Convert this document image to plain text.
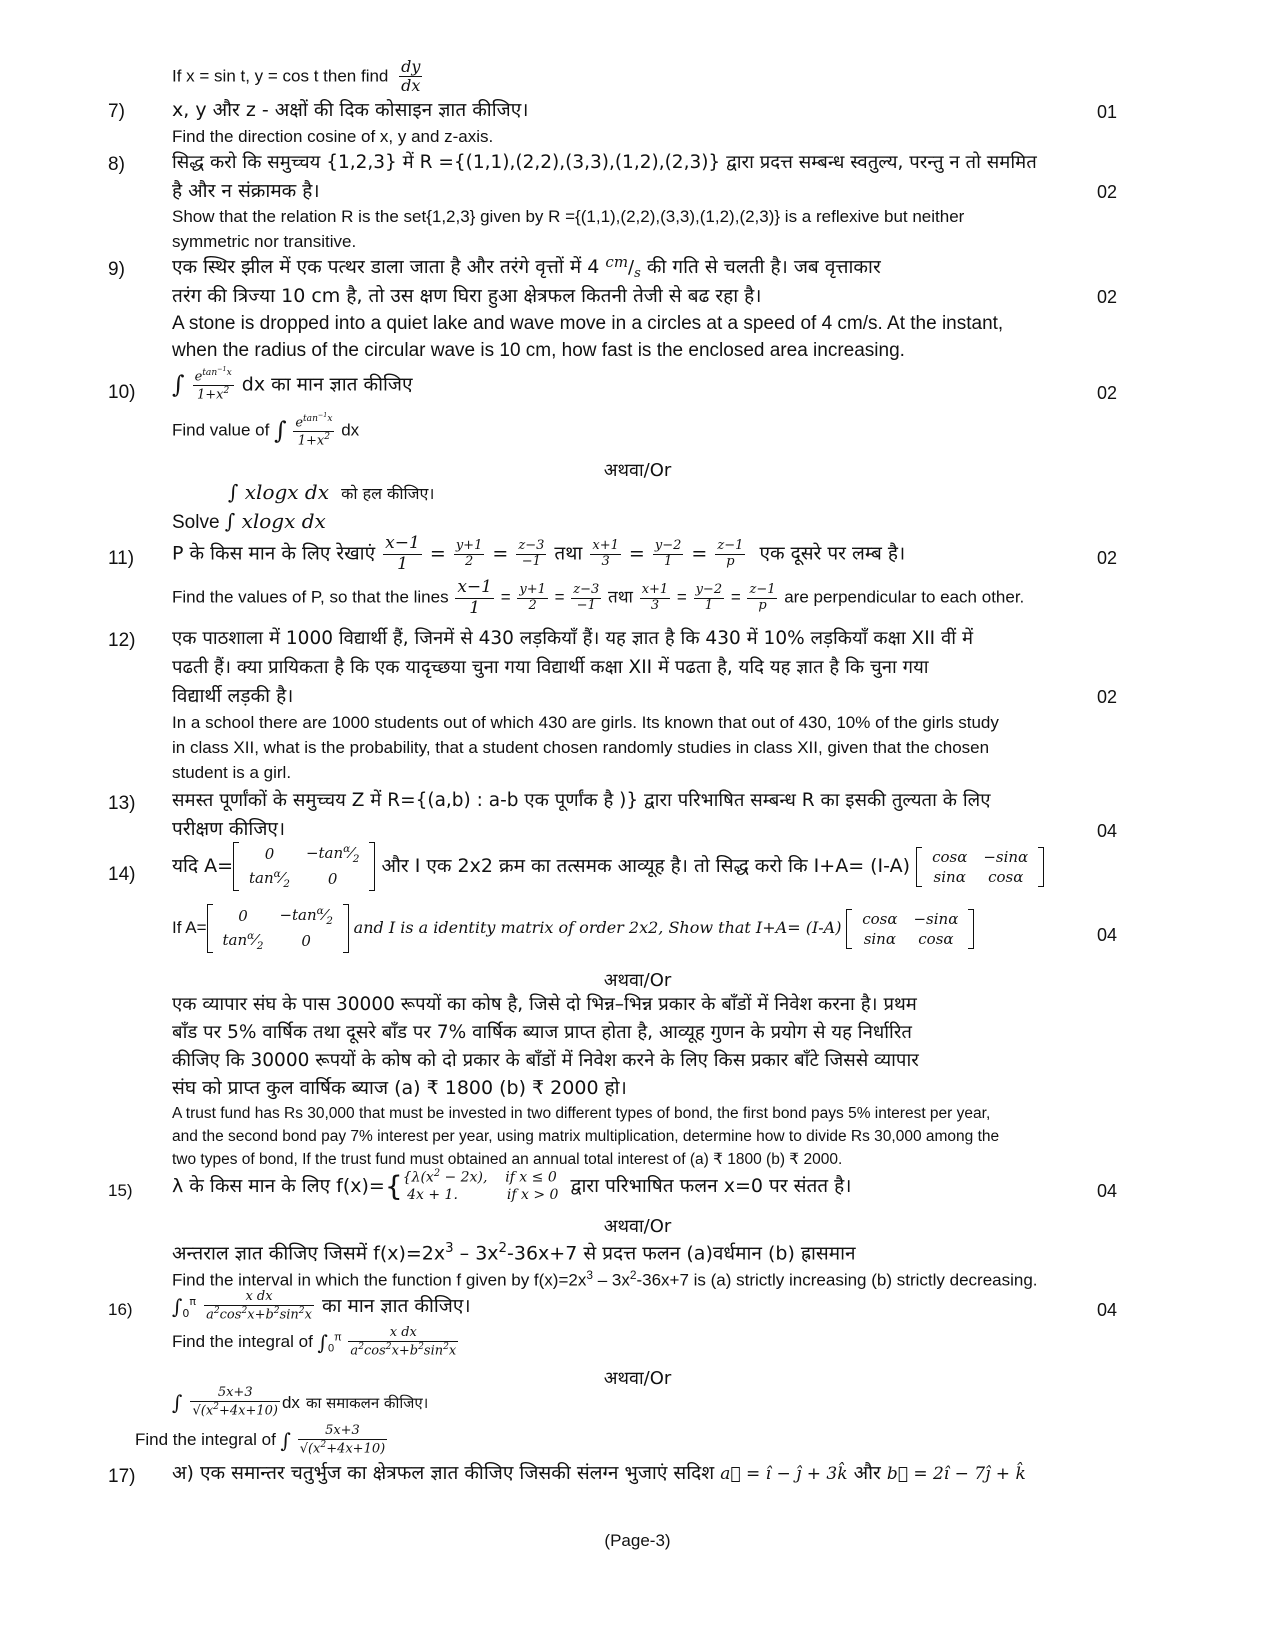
If x = sin t, y = cos t then find $\frac{dy}{dx}$
7) x, y और z - अक्षों की दिक कोसाइन ज्ञात कीजिए।	01
Find the direction cosine of x, y and z-axis.
8)	सिद्ध करो कि समुच्चय {1,2,3} में R ={(1,1),(2,2),(3,3),(1,2),(2,3)} द्वारा प्रदत्त सम्बन्ध स्वतुल्य, परन्तु न तो सममित
है और न संक्रामक है।	02
Show that the relation R is the set{1,2,3} given by R ={(1,1),(2,2),(3,3),(1,2),(2,3)} is a reflexive but neither
symmetric nor transitive.
9) एक स्थिर झील में एक पत्थर डाला जाता है और तरंगे वृत्तों में 4 $^{cm}/_s$ की गति से चलती है। जब वृत्ताकार
तरंग की त्रिज्या 10 cm है, तो उस क्षण घिरा हुआ क्षेत्रफल कितनी तेजी से बढ रहा है।	02
A stone is dropped into a quiet lake and wave move in a circles at a speed of 4 cm/s. At the instant,
when the radius of the circular wave is 10 cm, how fast is the enclosed area increasing.
10) ∫ $\frac{e^{tan^{-1}x}}{1+x^2}$ dx का मान ज्ञात कीजिए	02
Find value of ∫ $\frac{e^{tan^{-1}x}}{1+x^2}$ dx
अथवा/Or
∫ xlogx dx को हल कीजिए।
Solve ∫ xlogx dx
11) P के किस मान के लिए रेखाएं $\frac{x-1}{1} = \frac{y+1}{2} = \frac{z-3}{-1}$ तथा $\frac{x+1}{3} = \frac{y-2}{1} = \frac{z-1}{p}$ एक दूसरे पर लम्ब है।	02
Find the values of P, so that the lines $\frac{x-1}{1} = \frac{y+1}{2} = \frac{z-3}{-1}$ तथा $\frac{x+1}{3} = \frac{y-2}{1} = \frac{z-1}{p}$ are perpendicular to each other.
12) एक पाठशाला में 1000 विद्यार्थी हैं, जिनमें से 430 लड़कियाँ हैं। यह ज्ञात है कि 430 में 10% लड़कियाँ कक्षा XII वीं में
पढती हैं। क्या प्रायिकता है कि एक यादृच्छया चुना गया विद्यार्थी कक्षा XII में पढता है, यदि यह ज्ञात है कि चुना गया
विद्यार्थी लड़की है।	02
In a school there are 1000 students out of which 430 are girls. Its known that out of 430, 10% of the girls study
in class XII, what is the probability, that a student chosen randomly studies in class XII, given that the chosen
student is a girl.
13) समस्त पूर्णांकों के समुच्चय Z में R={(a,b) : a-b एक पूर्णांक है )} द्वारा परिभाषित सम्बन्ध R का इसकी तुल्यता के लिए
परीक्षण कीजिए।	04
14) यदि A=
0	$-\tan^\alpha⁄_2$
$\tan^\alpha⁄_2$	0
और I एक 2x2 क्रम का तत्समक आव्यूह है। तो सिद्ध करो कि I+A= (I-A) cosα	−sinα
sinα	cosα
If A=
0	$-\tan^\alpha⁄_2$
$\tan^\alpha⁄_2$	0
and I is a identity matrix of order 2x2, Show that I+A= (I-A) cosα	−sinα
sinα	cosα	04
अथवा/Or
एक व्यापार संघ के पास 30000 रूपयों का कोष है, जिसे दो भिन्न–भिन्न प्रकार के बाँडों में निवेश करना है। प्रथम
बाँड पर 5% वार्षिक तथा दूसरे बाँड पर 7% वार्षिक ब्याज प्राप्त होता है, आव्यूह गुणन के प्रयोग से यह निर्धारित
कीजिए कि 30000 रूपयों के कोष को दो प्रकार के बाँडों में निवेश करने के लिए किस प्रकार बाँटे जिससे व्यापार
संघ को प्राप्त कुल वार्षिक ब्याज (a) ₹ 1800 (b) ₹ 2000 हो।
A trust fund has Rs 30,000 that must be invested in two different types of bond, the first bond pays 5% interest per year,
and the second bond pay 7% interest per year, using matrix multiplication, determine how to divide Rs 30,000 among the
two types of bond, If the trust fund must obtained an annual total interest of (a) ₹ 1800 (b) ₹ 2000.
15) λ के किस मान के लिए $f(x)=\{\{\lambda(x^2 - 2x)$,    if x ≤ 0
4x + 1.           if x > 0 द्वारा परिभाषित फलन x=0 पर संतत है।	04
अथवा/Or
अन्तराल ज्ञात कीजिए जिसमें $f(x)=2x^3 - 3x^2-36x+7$ से प्रदत्त फलन (a)वर्धमान (b) ह्रासमान
Find the interval in which the function f given by $f(x)=2x^3 - 3x^2-36x+7$ is (a) strictly increasing (b) strictly decreasing.
16) $\int_0^\pi \frac{\text{x dx}}{a^2\cos^2x+b^2\sin^2x}$ का मान ज्ञात कीजिए।	04
Find the integral of $\int_0^\pi \frac{\text{x dx}}{a^2\cos^2x+b^2\sin^2x}$
अथवा/Or
∫ $\frac{5x+3}{√(x^2+4x+10)}$ dx का समाकलन कीजिए।
Find the integral of ∫ $\frac{5x+3}{√(x^2+4x+10)}$
17) अ) एक समान्तर चतुर्भुज का क्षेत्रफल ज्ञात कीजिए जिसकी संलग्न भुजाएं सदिश a⃗ = î − ĵ + 3k̂ और b⃗ = 2î − 7ĵ + k̂
(Page-3)
